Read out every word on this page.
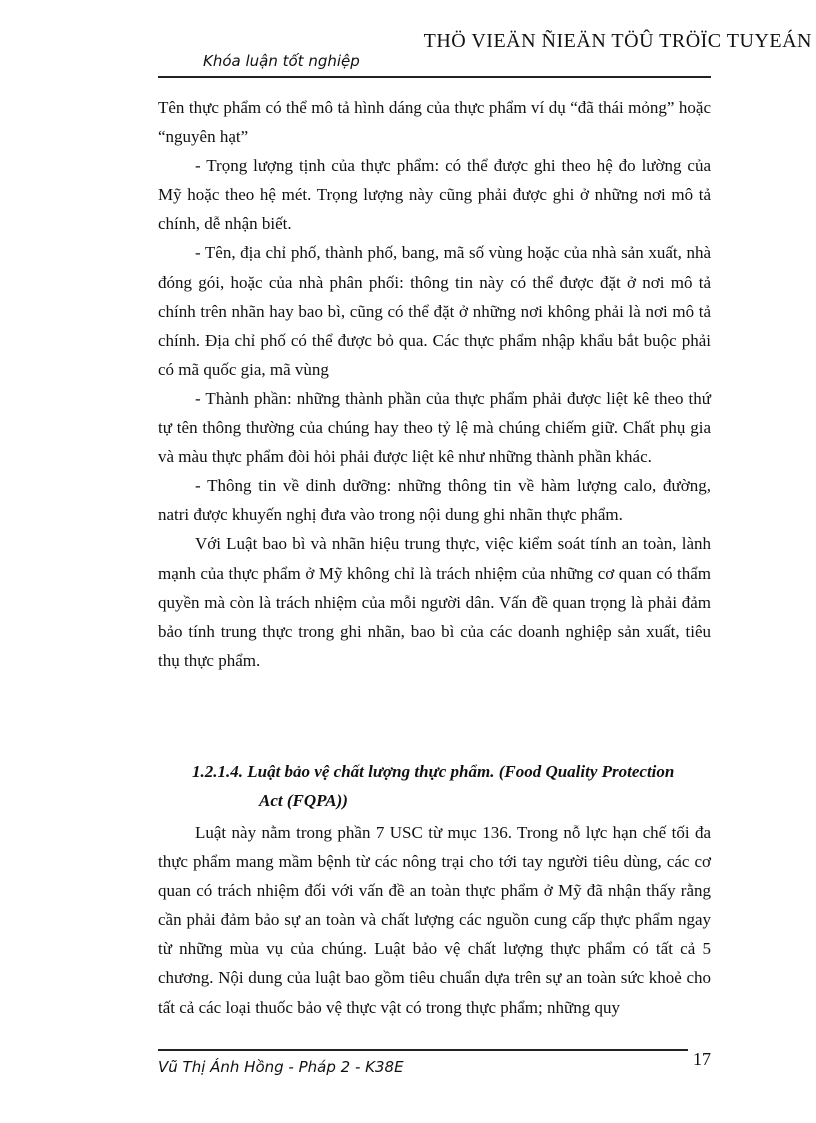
THÖ VIEÄN ÑIEÄN TÖÛ TRÖÏC TUYEÁN
Khóa luận tốt nghiệp

Tên thực phẩm có thể mô tả hình dáng của thực phẩm ví dụ “đã thái mỏng” hoặc “nguyên hạt”

- Trọng lượng tịnh của thực phẩm: có thể được ghi theo hệ đo lường của Mỹ hoặc theo hệ mét. Trọng lượng này cũng phải được ghi ở những nơi mô tả chính, dễ nhận biết.

- Tên, địa chỉ phố, thành phố, bang, mã số vùng hoặc của nhà sản xuất, nhà đóng gói, hoặc của nhà phân phối: thông tin này có thể được đặt ở nơi mô tả chính trên nhãn hay bao bì, cũng có thể đặt ở những nơi không phải là nơi mô tả chính. Địa chỉ phố có thể được bỏ qua. Các thực phẩm nhập khẩu bắt buộc phải có mã quốc gia, mã vùng

- Thành phần: những thành phần của thực phẩm phải được liệt kê theo thứ tự tên thông thường của chúng hay theo tỷ lệ mà chúng chiếm giữ. Chất phụ gia và màu thực phẩm đòi hỏi phải được liệt kê như những thành phần khác.

- Thông tin về dinh dưỡng: những thông tin về hàm lượng calo, đường, natri được khuyến nghị đưa vào trong nội dung ghi nhãn thực phẩm.

Với Luật bao bì và nhãn hiệu trung thực, việc kiểm soát tính an toàn, lành mạnh của thực phẩm ở Mỹ không chỉ là trách nhiệm của những cơ quan có thẩm quyền mà còn là trách nhiệm của mỗi người dân. Vấn đề quan trọng là phải đảm bảo tính trung thực trong ghi nhãn, bao bì của các doanh nghiệp sản xuất, tiêu thụ thực phẩm.

1.2.1.4. Luật bảo vệ chất lượng thực phẩm. (Food Quality Protection
Act (FQPA))

Luật này nằm trong phần 7 USC từ mục 136. Trong nỗ lực hạn chế tối đa thực phẩm mang mầm bệnh từ các nông trại cho tới tay người tiêu dùng, các cơ quan có trách nhiệm đối với vấn đề an toàn thực phẩm ở Mỹ đã nhận thấy rằng cần phải đảm bảo sự an toàn và chất lượng các nguồn cung cấp thực phẩm ngay từ những mùa vụ của chúng. Luật bảo vệ chất lượng thực phẩm có tất cả 5 chương. Nội dung của luật bao gồm tiêu chuẩn dựa trên sự an toàn sức khoẻ cho tất cả các loại thuốc bảo vệ thực vật có trong thực phẩm; những quy

Vũ Thị Ánh Hồng - Pháp 2 - K38E	17
